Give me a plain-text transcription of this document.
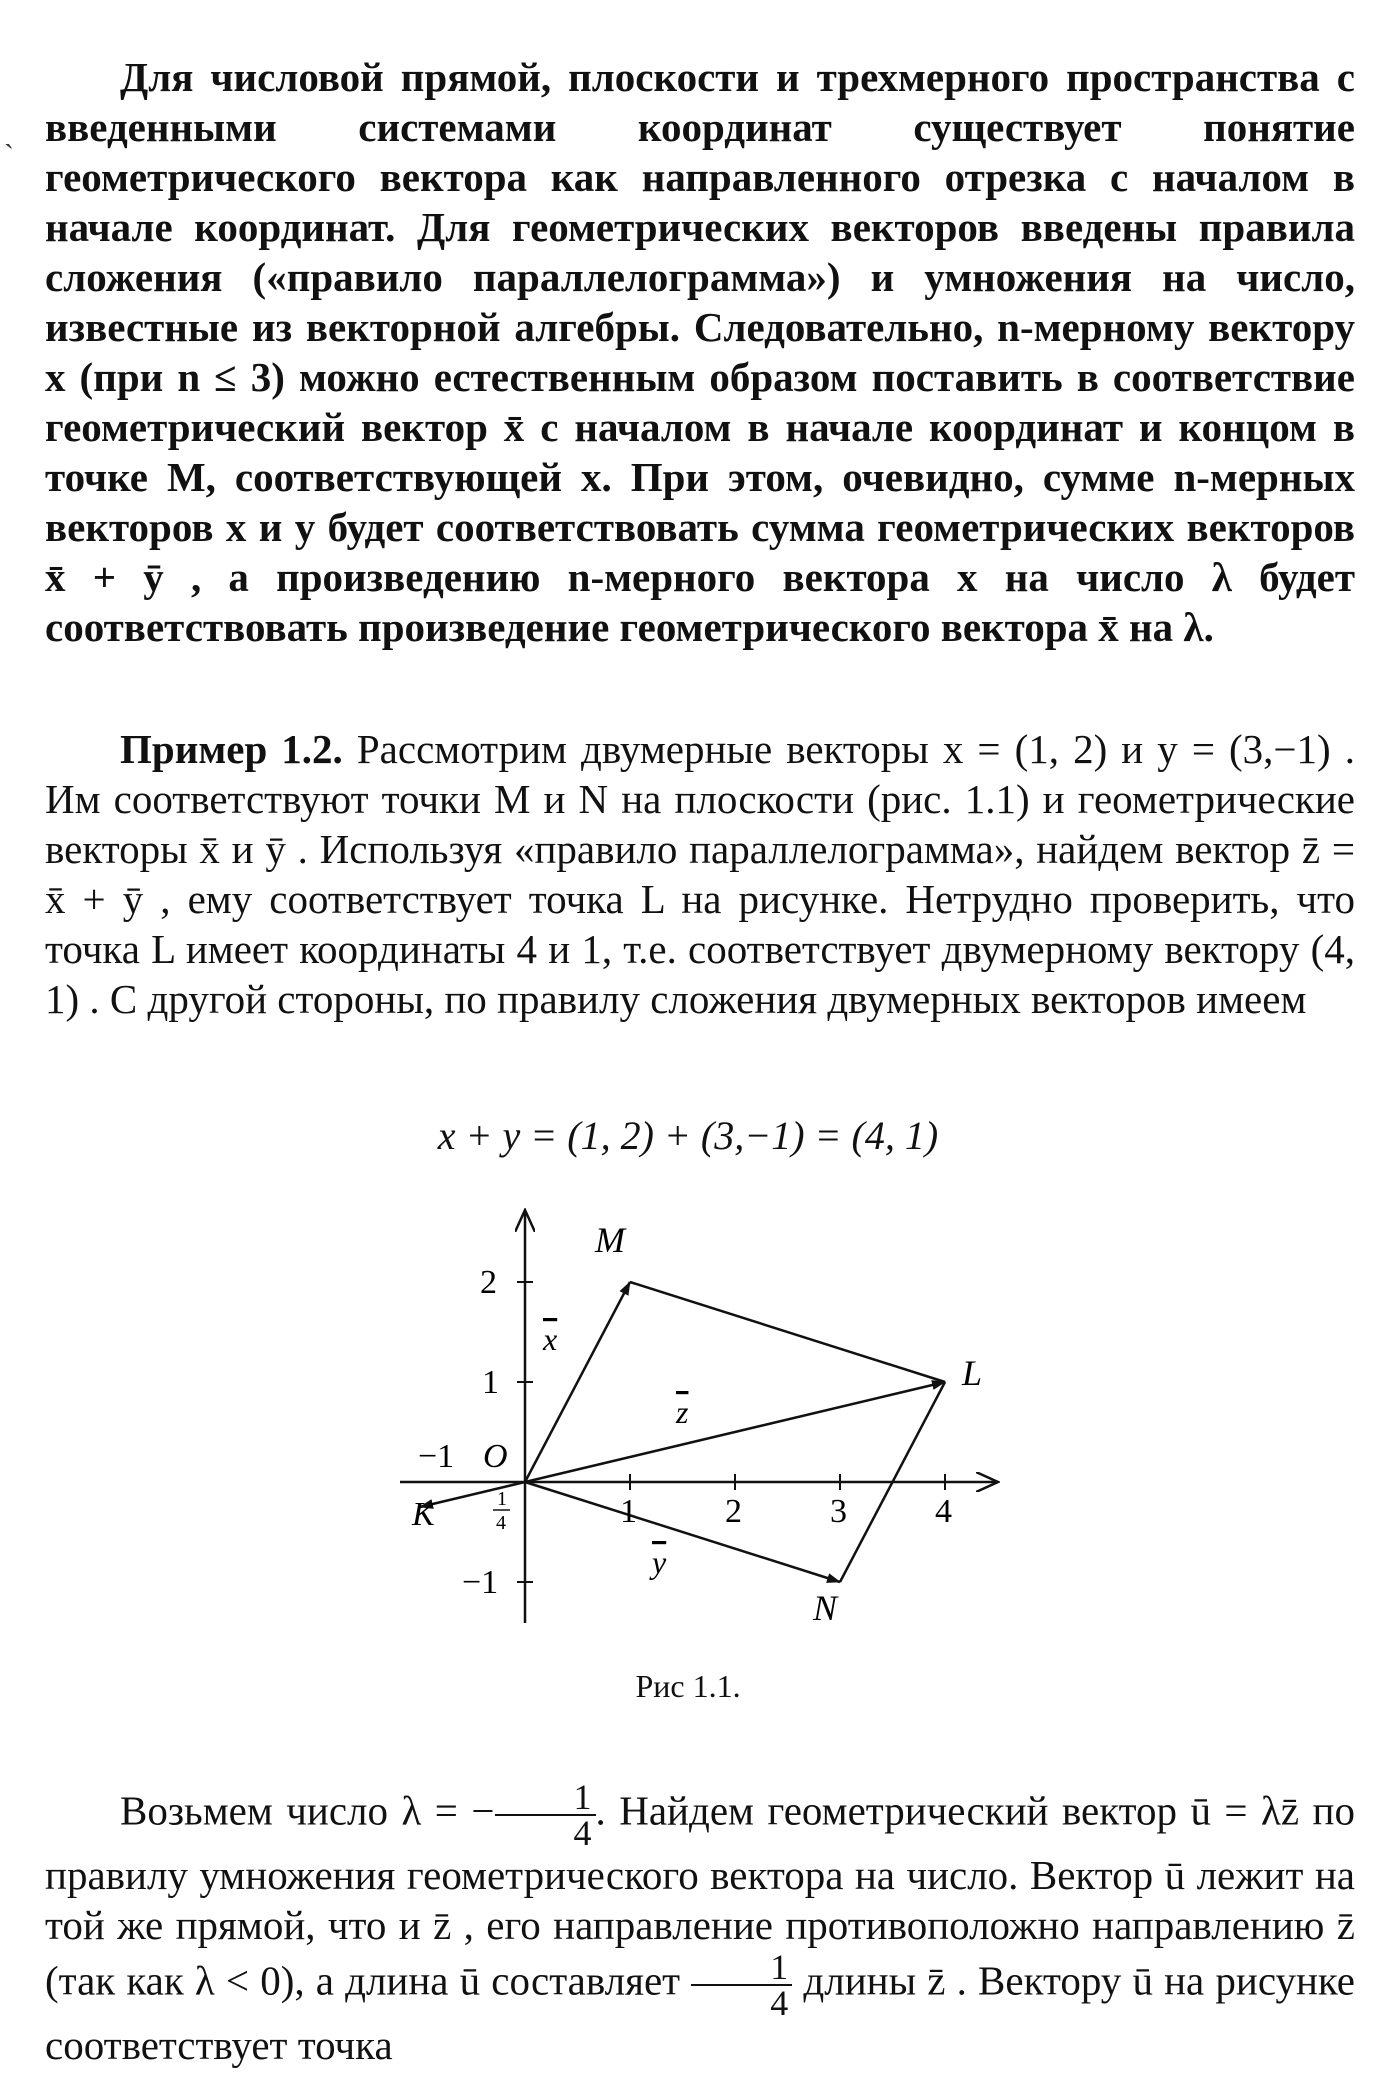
ˏ

Для числовой прямой, плоскости и трехмерного пространства с введенными системами координат существует понятие геометрического вектора как направленного отрезка с началом в начале координат. Для геометрических векторов введены правила сложения («правило параллелограмма») и умножения на число, известные из векторной алгебры. Следовательно, n-мерному вектору x (при n ≤ 3) можно естественным образом поставить в соответствие геометрический вектор x̄ с началом в начале координат и концом в точке M, соответствующей x. При этом, очевидно, сумме n-мерных векторов x и y будет соответствовать сумма геометрических векторов x̄ + ȳ , а произведению n-мерного вектора x на число λ будет соответствовать произведение геометрического вектора x̄ на λ.

Пример 1.2. Рассмотрим двумерные векторы x = (1, 2) и y = (3,−1) . Им соответствуют точки M и N на плоскости (рис. 1.1) и геометрические векторы x̄ и ȳ . Используя «правило параллелограмма», найдем вектор z̄ = x̄ + ȳ , ему соответствует точка L на рисунке. Нетрудно проверить, что точка L имеет координаты 4 и 1, т.е. соответствует двумерному вектору (4, 1) . С другой стороны, по правилу сложения двумерных векторов имеем

x + y = (1, 2) + (3,−1) = (4, 1)
1	2	3	4
−1
2
1
−1
O
M
L
N
K
x
z
y
1
4
Рис 1.1.

Возьмем число λ = − $\frac{1}{4}$ . Найдем геометрический вектор ū = λz̄ по правилу умножения геометрического вектора на число. Вектор ū лежит на той же прямой, что и z̄ , его направление противоположно направлению z̄ (так как λ < 0), а длина ū составляет $\frac{1}{4}$ длины z̄ . Вектору ū на рисунке соответствует точка
